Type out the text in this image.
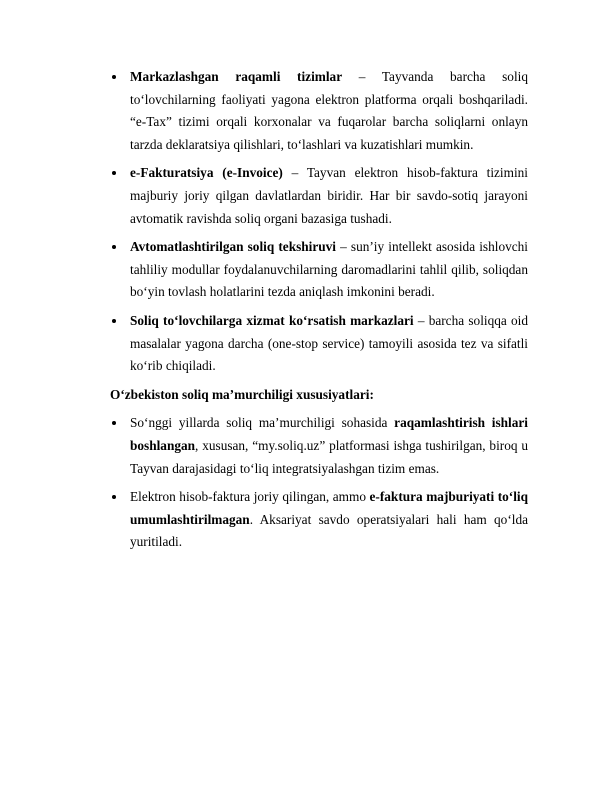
Markazlashgan raqamli tizimlar – Tayvanda barcha soliq to‘lovchilarning faoliyati yagona elektron platforma orqali boshqariladi. “e-Tax” tizimi orqali korxonalar va fuqarolar barcha soliqlarni onlayn tarzda deklaratsiya qilishlari, to‘lashlari va kuzatishlari mumkin.
e-Fakturatsiya (e-Invoice) – Tayvan elektron hisob-faktura tizimini majburiy joriy qilgan davlatlardan biridir. Har bir savdo-sotiq jarayoni avtomatik ravishda soliq organi bazasiga tushadi.
Avtomatlashtirilgan soliq tekshiruvi – sun’iy intellekt asosida ishlovchi tahliliy modullar foydalanuvchilarning daromadlarini tahlil qilib, soliqdan bo‘yin tovlash holatlarini tezda aniqlash imkonini beradi.
Soliq to‘lovchilarga xizmat ko‘rsatish markazlari – barcha soliqqa oid masalalar yagona darcha (one-stop service) tamoyili asosida tez va sifatli ko‘rib chiqiladi.
O‘zbekiston soliq ma’murchiligi xususiyatlari:
So‘nggi yillarda soliq ma’murchiligi sohasida raqamlashtirish ishlari boshlangan, xususan, “my.soliq.uz” platformasi ishga tushirilgan, biroq u Tayvan darajasidagi to‘liq integratsiyalashgan tizim emas.
Elektron hisob-faktura joriy qilingan, ammo e-faktura majburiyati to‘liq umumlashtirilmagan. Aksariyat savdo operatsiyalari hali ham qo‘lda yuritiladi.
